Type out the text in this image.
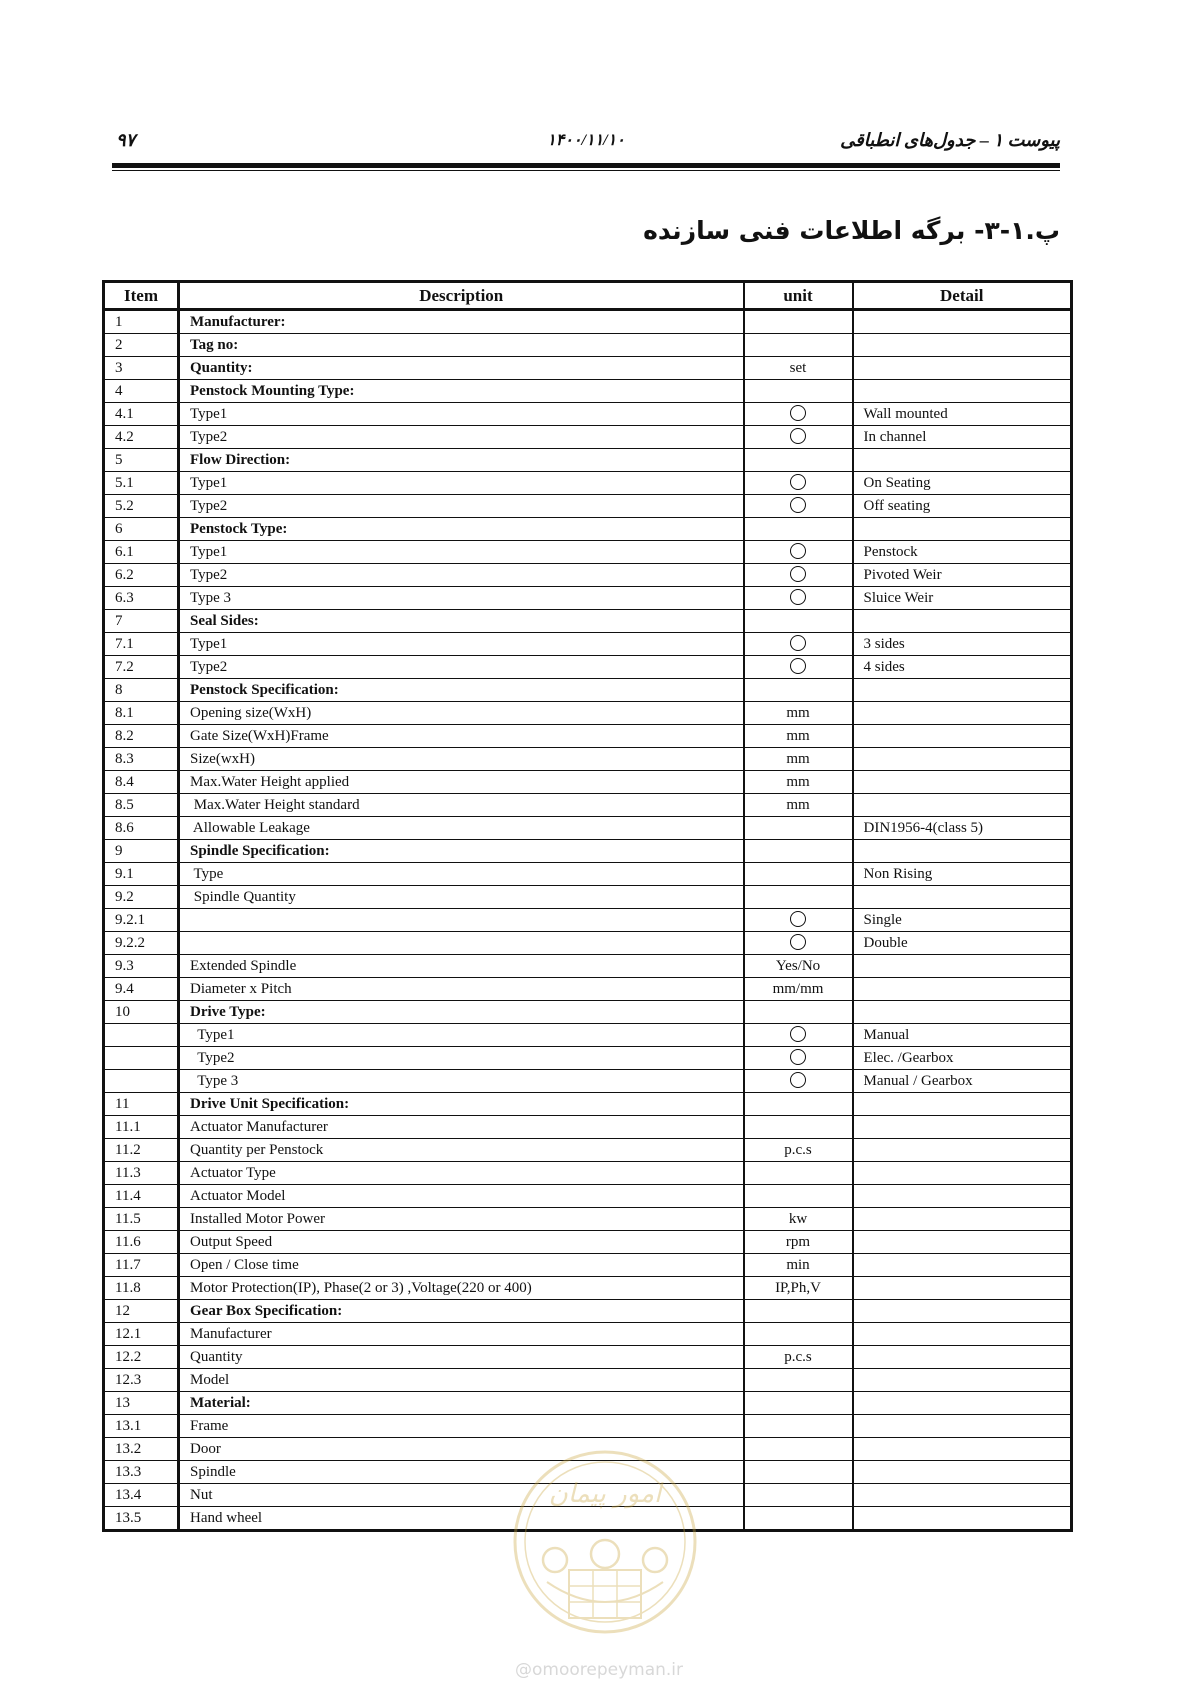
پیوست ۱ – جدول‌های انطباقی
۱۴۰۰/۱۱/۱۰
۹۷
پ.۱-۳- برگه اطلاعات فنی سازنده
Item	Description	unit	Detail
1	Manufacturer:		
2	Tag no:		
3	Quantity:	set	
4	Penstock Mounting Type:		
4.1	Type1		Wall mounted
4.2	Type2		In channel
5	Flow Direction:		
5.1	Type1		On Seating
5.2	Type2		Off seating
6	Penstock Type:		
6.1	Type1		Penstock
6.2	Type2		Pivoted Weir
6.3	Type 3		Sluice Weir
7	Seal Sides:		
7.1	Type1		3 sides
7.2	Type2		4 sides
8	Penstock Specification:		
8.1	Opening size(WxH)	mm	
8.2	Gate Size(WxH)Frame	mm	
8.3	Size(wxH)	mm	
8.4	Max.Water Height applied	mm	
8.5	Max.Water Height standard	mm	
8.6	Allowable Leakage		DIN1956-4(class 5)
9	Spindle Specification:		
9.1	Type		Non Rising
9.2	Spindle Quantity		
9.2.1			Single
9.2.2			Double
9.3	Extended Spindle	Yes/No	
9.4	Diameter x Pitch	mm/mm	
10	Drive Type:		
	Type1		Manual
	Type2		Elec. /Gearbox
	Type 3		Manual / Gearbox
11	Drive Unit Specification:		
11.1	Actuator Manufacturer		
11.2	Quantity per Penstock	p.c.s	
11.3	Actuator Type		
11.4	Actuator Model		
11.5	Installed Motor Power	kw	
11.6	Output Speed	rpm	
11.7	Open / Close time	min	
11.8	Motor Protection(IP), Phase(2 or 3) ,Voltage(220 or 400)	IP,Ph,V	
12	Gear Box Specification:		
12.1	Manufacturer		
12.2	Quantity	p.c.s	
12.3	Model		
13	Material:		
13.1	Frame		
13.2	Door		
13.3	Spindle		
13.4	Nut		
13.5	Hand wheel		
امور پیمان
@omoorepeyman.ir
